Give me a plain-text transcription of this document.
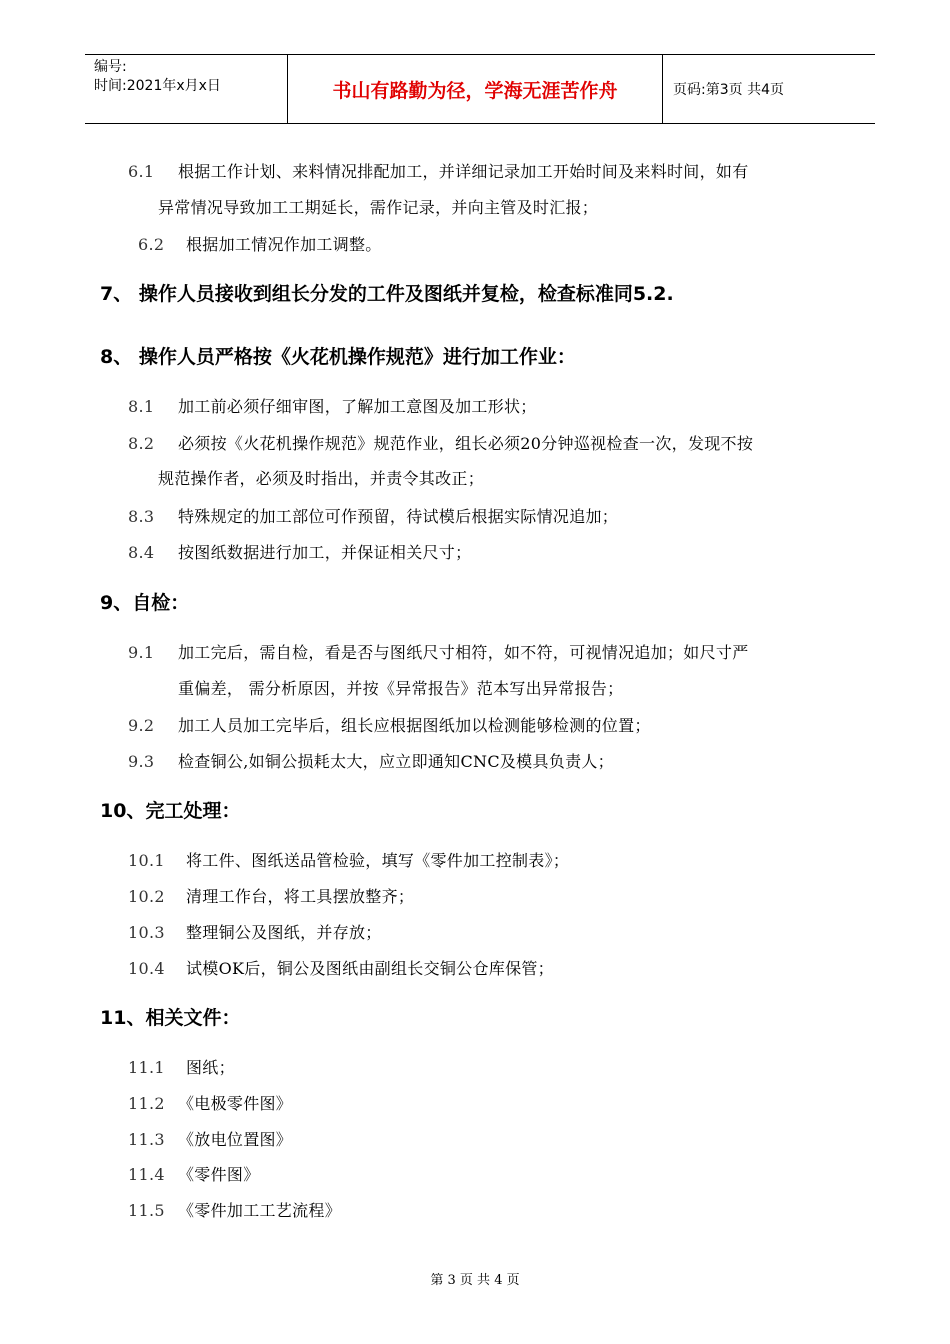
编号:
时间:2021年x月x日	书山有路勤为径，学海无涯苦作舟	页码:第3页 共4页
6.1 根据工作计划、来料情况排配加工，并详细记录加工开始时间及来料时间，如有
异常情况导致加工工期延长，需作记录，并向主管及时汇报；
6.2 根据加工情况作加工调整。
7、 操作人员接收到组长分发的工件及图纸并复检，检查标准同5.2.
8、 操作人员严格按《火花机操作规范》进行加工作业：
8.1 加工前必须仔细审图，了解加工意图及加工形状；
8.2 必须按《火花机操作规范》规范作业，组长必须20分钟巡视检查一次，发现不按
规范操作者，必须及时指出，并责令其改正；
8.3 特殊规定的加工部位可作预留，待试模后根据实际情况追加；
8.4 按图纸数据进行加工，并保证相关尺寸；
9、自检：
9.1 加工完后，需自检，看是否与图纸尺寸相符，如不符，可视情况追加；如尺寸严
重偏差， 需分析原因，并按《异常报告》范本写出异常报告；
9.2 加工人员加工完毕后，组长应根据图纸加以检测能够检测的位置；
9.3 检查铜公,如铜公损耗太大，应立即通知CNC及模具负责人；
10、完工处理：
10.1 将工件、图纸送品管检验，填写《零件加工控制表》；
10.2 清理工作台，将工具摆放整齐；
10.3 整理铜公及图纸，并存放；
10.4 试模OK后，铜公及图纸由副组长交铜公仓库保管；
11、相关文件：
11.1 图纸；
11.2 《电极零件图》
11.3 《放电位置图》
11.4 《零件图》
11.5 《零件加工工艺流程》
第 3 页 共 4 页
